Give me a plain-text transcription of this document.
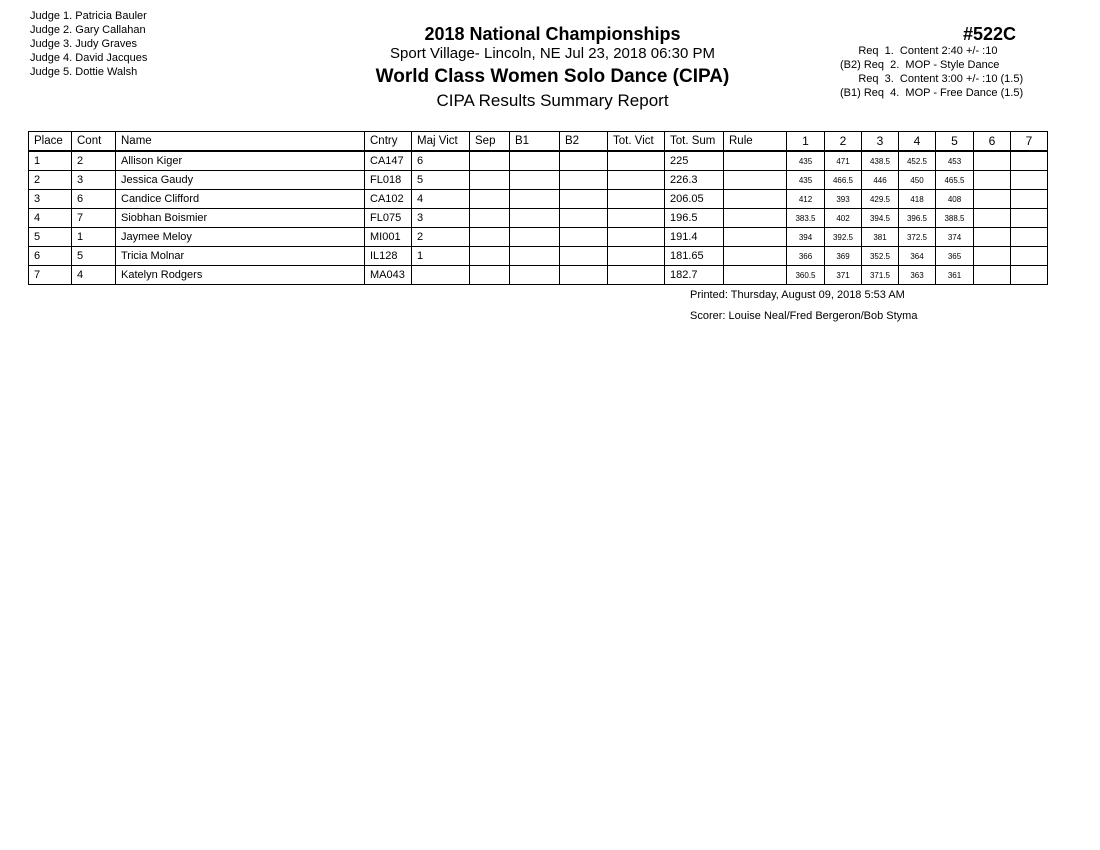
Judge 1. Patricia Bauler
Judge 2. Gary Callahan
Judge 3. Judy Graves
Judge 4. David Jacques
Judge 5. Dottie Walsh
2018 National Championships
Sport Village- Lincoln, NE Jul 23, 2018 06:30 PM
World Class Women Solo Dance (CIPA)
CIPA Results Summary Report
#522C
Req  1.  Content 2:40 +/- :10
(B2) Req  2.  MOP - Style Dance
Req  3.  Content 3:00 +/- :10 (1.5)
(B1) Req  4.  MOP - Free Dance (1.5)
Place	Cont	Name	Cntry	Maj Vict	Sep	B1	B2	Tot. Vict	Tot. Sum	Rule	1	2	3	4	5	6	7
1	2	Allison Kiger	CA147	6					225		435	471	438.5	452.5	453		
2	3	Jessica Gaudy	FL018	5					226.3		435	466.5	446	450	465.5		
3	6	Candice Clifford	CA102	4					206.05		412	393	429.5	418	408		
4	7	Siobhan Boismier	FL075	3					196.5		383.5	402	394.5	396.5	388.5		
5	1	Jaymee Meloy	MI001	2					191.4		394	392.5	381	372.5	374		
6	5	Tricia Molnar	IL128	1					181.65		366	369	352.5	364	365		
7	4	Katelyn Rodgers	MA043						182.7		360.5	371	371.5	363	361		
Printed: Thursday, August 09, 2018 5:53 AM
Scorer: Louise Neal/Fred Bergeron/Bob Styma
